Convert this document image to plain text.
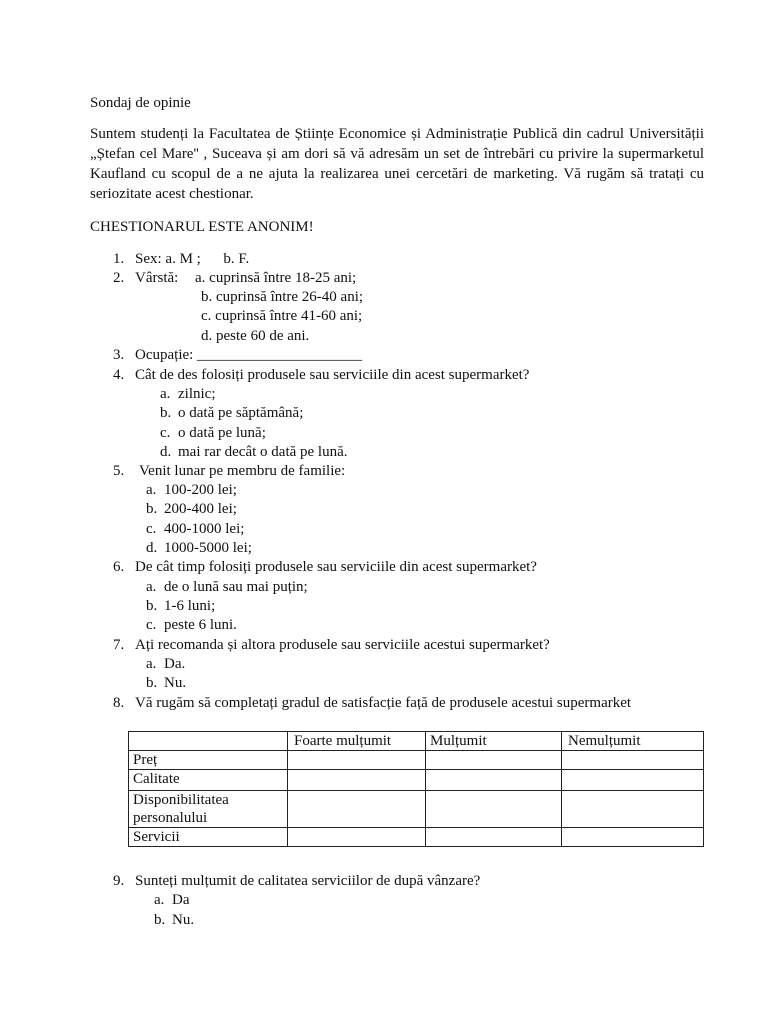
Sondaj de opinie
Suntem studenți la Facultatea de Științe Economice și Administrație Publică din cadrul Universității „Ștefan cel Mare'' , Suceava și am dori să vă adresăm un set de întrebări cu privire la supermarketul Kaufland cu scopul de a ne ajuta la realizarea unei cercetări de marketing. Vă rugăm să tratați cu seriozitate acest chestionar.
CHESTIONARUL ESTE ANONIM!
1. Sex: a. M ;      b. F.
2. Vârstă: a. cuprinsă între 18-25 ani;
b. cuprinsă între 26-40 ani;
c. cuprinsă între 41-60 ani;
d. peste 60 de ani.
3. Ocupație: ______________________
4. Cât de des folosiți produsele sau serviciile din acest supermarket?
a. zilnic;
b. o dată pe săptămână;
c. o dată pe lună;
d. mai rar decât o dată pe lună.
5. Venit lunar pe membru de familie:
a. 100-200 lei;
b. 200-400 lei;
c. 400-1000 lei;
d. 1000-5000 lei;
6. De cât timp folosiți produsele sau serviciile din acest supermarket?
a. de o lună sau mai puțin;
b. 1-6 luni;
c. peste 6 luni.
7. Ați recomanda și altora produsele sau serviciile acestui supermarket?
a. Da.
b. Nu.
8. Vă rugăm să completați gradul de satisfacție față de produsele acestui supermarket
	Foarte mulțumit	Mulțumit	Nemulțumit
Preț			
Calitate			
Disponibilitatea personalului			
Servicii			
9. Sunteți mulțumit de calitatea serviciilor de după vânzare?
a. Da
b. Nu.
